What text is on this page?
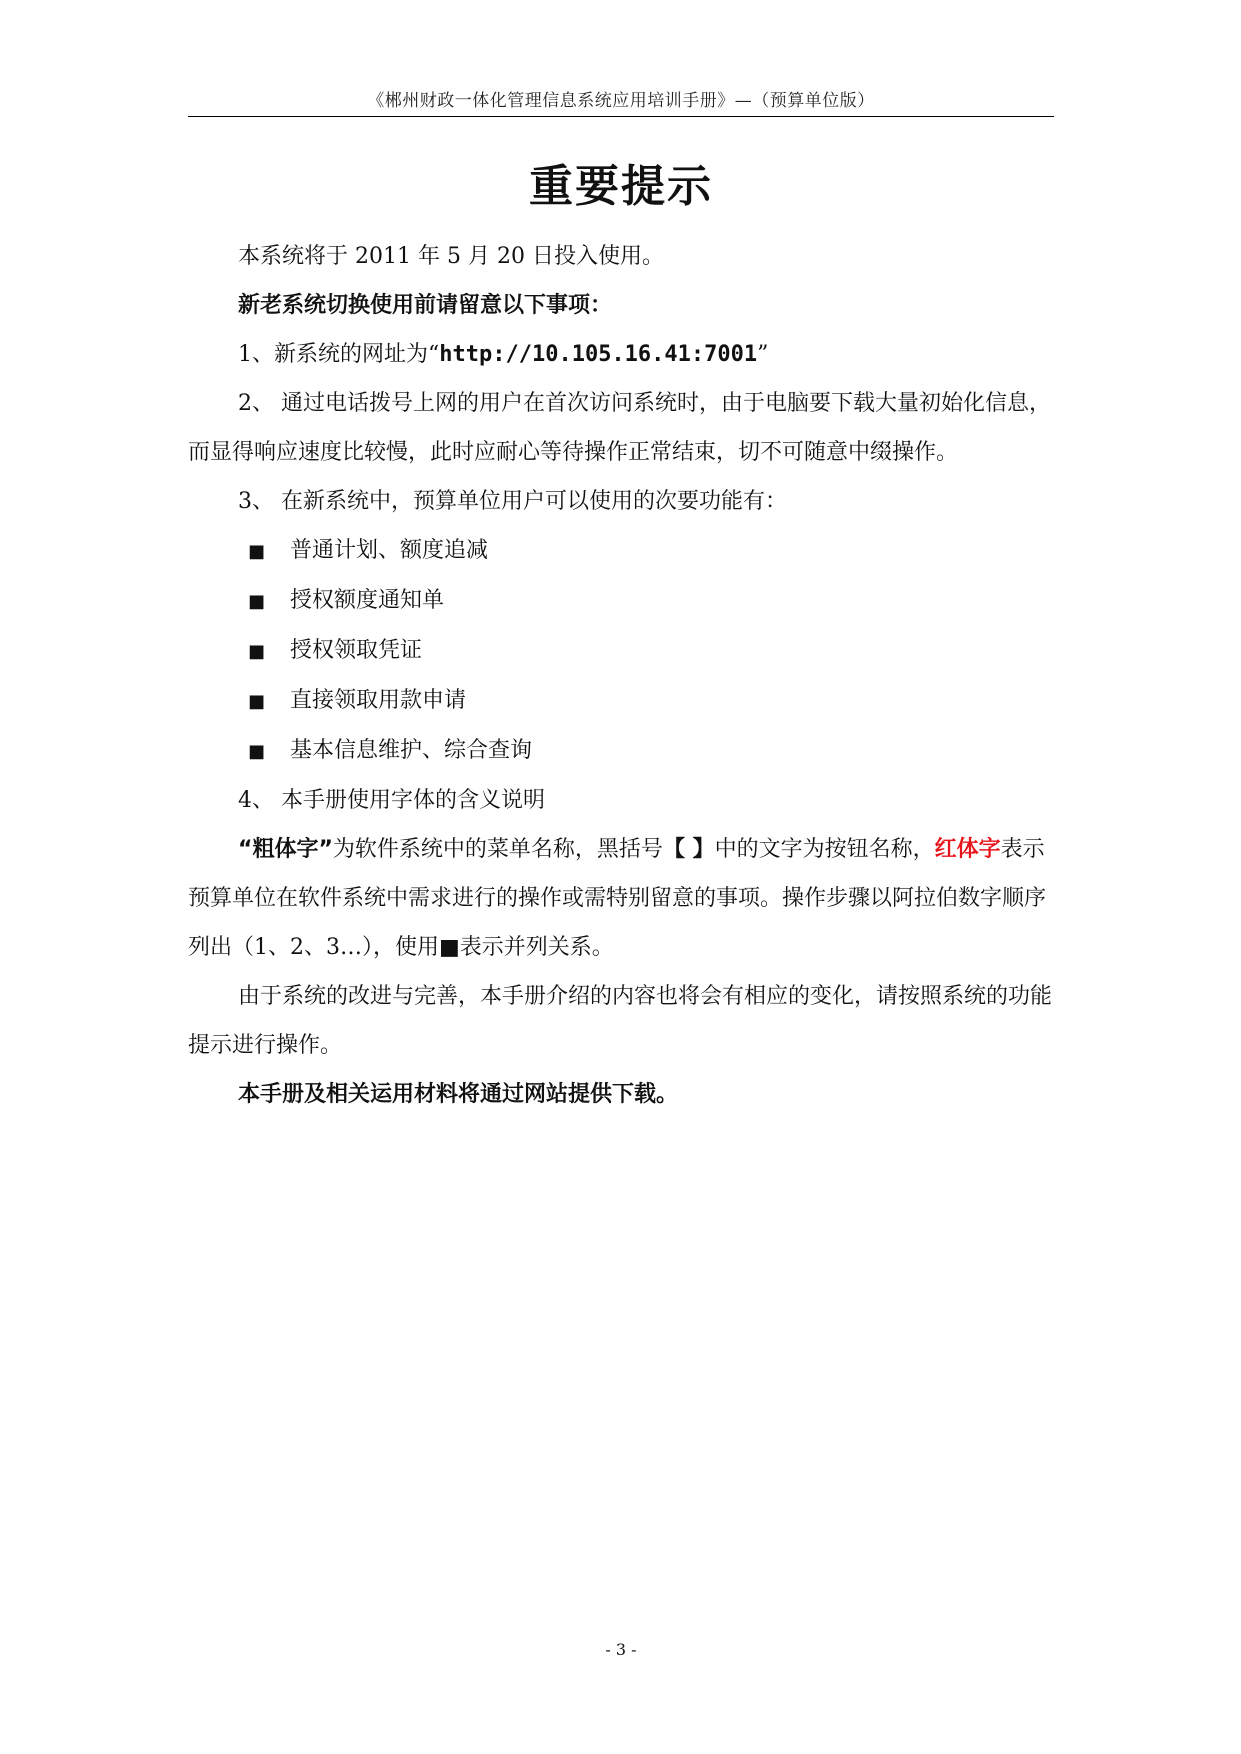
《郴州财政一体化管理信息系统应用培训手册》—（预算单位版）
重要提示

本系统将于 2011 年 5 月 20 日投入使用。

新老系统切换使用前请留意以下事项：

1、新系统的网址为“http://10.105.16.41:7001”

2、 通过电话拨号上网的用户在首次访问系统时，由于电脑要下载大量初始化信息，而显得响应速度比较慢，此时应耐心等待操作正常结束，切不可随意中缀操作。

3、 在新系统中，预算单位用户可以使用的次要功能有：

■ 普通计划、额度追减

■ 授权额度通知单

■ 授权领取凭证

■ 直接领取用款申请

■ 基本信息维护、综合查询

4、 本手册使用字体的含义说明

“粗体字”为软件系统中的菜单名称，黑括号【 】中的文字为按钮名称，红体字表示预算单位在软件系统中需求进行的操作或需特别留意的事项。操作步骤以阿拉伯数字顺序列出（1、2、3…），使用■表示并列关系。

由于系统的改进与完善，本手册介绍的内容也将会有相应的变化，请按照系统的功能提示进行操作。

本手册及相关运用材料将通过网站提供下载。

- 3 -
